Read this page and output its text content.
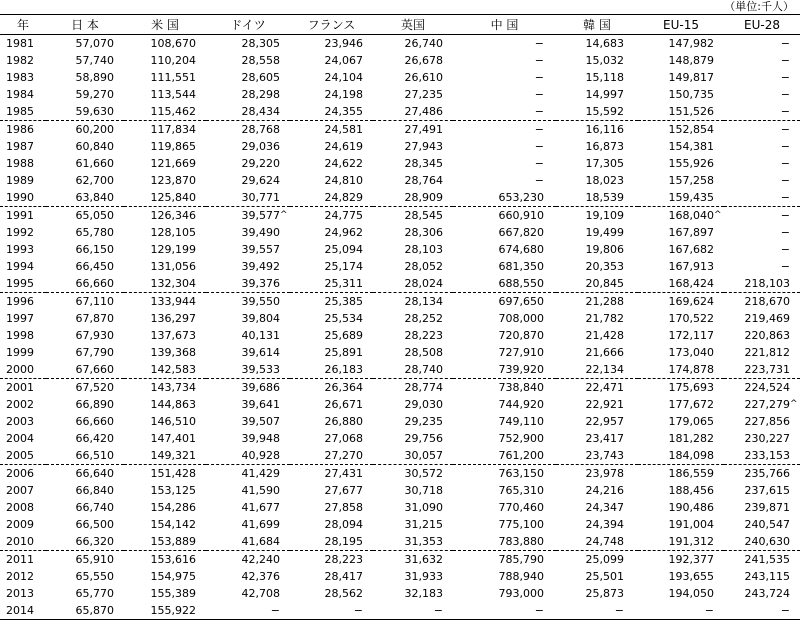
（単位:千人）
年	日 本	米 国	ドイツ	フランス	英国	中 国	韓 国	EU-15	EU-28
1981	57,070	108,670	28,305	23,946	26,740	−	14,683	147,982	−
1982	57,740	110,204	28,558	24,067	26,678	−	15,032	148,879	−
1983	58,890	111,551	28,605	24,104	26,610	−	15,118	149,817	−
1984	59,270	113,544	28,298	24,198	27,235	−	14,997	150,735	−
1985	59,630	115,462	28,434	24,355	27,486	−	15,592	151,526	−
1986	60,200	117,834	28,768	24,581	27,491	−	16,116	152,854	−
1987	60,840	119,865	29,036	24,619	27,943	−	16,873	154,381	−
1988	61,660	121,669	29,220	24,622	28,345	−	17,305	155,926	−
1989	62,700	123,870	29,624	24,810	28,764	−	18,023	157,258	−
1990	63,840	125,840	30,771	24,829	28,909	653,230	18,539	159,435	−
1991	65,050	126,346	39,577^	24,775	28,545	660,910	19,109	168,040^	−
1992	65,780	128,105	39,490	24,962	28,306	667,820	19,499	167,897	−
1993	66,150	129,199	39,557	25,094	28,103	674,680	19,806	167,682	−
1994	66,450	131,056	39,492	25,174	28,052	681,350	20,353	167,913	−
1995	66,660	132,304	39,376	25,311	28,024	688,550	20,845	168,424	218,103
1996	67,110	133,944	39,550	25,385	28,134	697,650	21,288	169,624	218,670
1997	67,870	136,297	39,804	25,534	28,252	708,000	21,782	170,522	219,469
1998	67,930	137,673	40,131	25,689	28,223	720,870	21,428	172,117	220,863
1999	67,790	139,368	39,614	25,891	28,508	727,910	21,666	173,040	221,812
2000	67,660	142,583	39,533	26,183	28,740	739,920	22,134	174,878	223,731
2001	67,520	143,734	39,686	26,364	28,774	738,840	22,471	175,693	224,524
2002	66,890	144,863	39,641	26,671	29,030	744,920	22,921	177,672	227,279^
2003	66,660	146,510	39,507	26,880	29,235	749,110	22,957	179,065	227,856
2004	66,420	147,401	39,948	27,068	29,756	752,900	23,417	181,282	230,227
2005	66,510	149,321	40,928	27,270	30,057	761,200	23,743	184,098	233,153
2006	66,640	151,428	41,429	27,431	30,572	763,150	23,978	186,559	235,766
2007	66,840	153,125	41,590	27,677	30,718	765,310	24,216	188,456	237,615
2008	66,740	154,286	41,677	27,858	31,090	770,460	24,347	190,486	239,871
2009	66,500	154,142	41,699	28,094	31,215	775,100	24,394	191,004	240,547
2010	66,320	153,889	41,684	28,195	31,353	783,880	24,748	191,312	240,630
2011	65,910	153,616	42,240	28,223	31,632	785,790	25,099	192,377	241,535
2012	65,550	154,975	42,376	28,417	31,933	788,940	25,501	193,655	243,115
2013	65,770	155,389	42,708	28,562	32,183	793,000	25,873	194,050	243,724
2014	65,870	155,922	−	−	−	−	−	−	−
